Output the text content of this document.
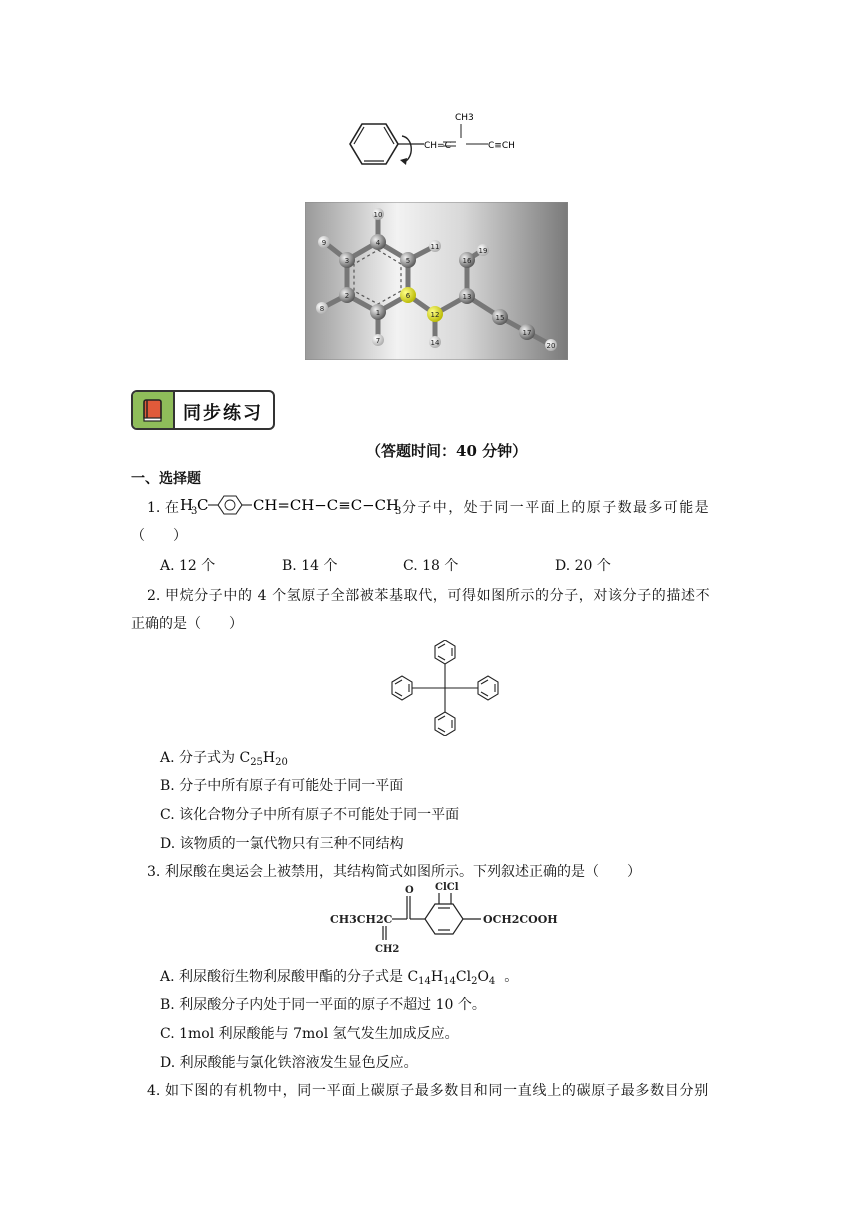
CH=C
CH3
C≡CH
4
5
6
1
2
3
10
9
8
7
11
12
13
16
19
14
15
17
20
同步练习
（答题时间：40 分钟）
一、选择题
1. 在 H
3 C	CH=CH−C≡C−CH
3 分子中，处于同一平面上的原子数最多可能是
（　　）
A. 12 个	B. 14 个	C. 18 个	D. 20 个
2. 甲烷分子中的 4 个氢原子全部被苯基取代，可得如图所示的分子，对该分子的描述不
正确的是（　　）
A. 分子式为 $C_{25}H_{20}$
B. 分子中所有原子有可能处于同一平面
C. 该化合物分子中所有原子不可能处于同一平面
D. 该物质的一氯代物只有三种不同结构
3. 利尿酸在奥运会上被禁用，其结构简式如图所示。下列叙述正确的是（　　）
CH3CH2C
O
CH2
ClCl
OCH2COOH
A. 利尿酸衍生物利尿酸甲酯的分子式是 $C_{14}H_{14}Cl_2O_4$  。
B. 利尿酸分子内处于同一平面的原子不超过 10 个。
C. 1mol 利尿酸能与 7mol 氢气发生加成反应。
D. 利尿酸能与氯化铁溶液发生显色反应。
4. 如下图的有机物中，同一平面上碳原子最多数目和同一直线上的碳原子最多数目分别
